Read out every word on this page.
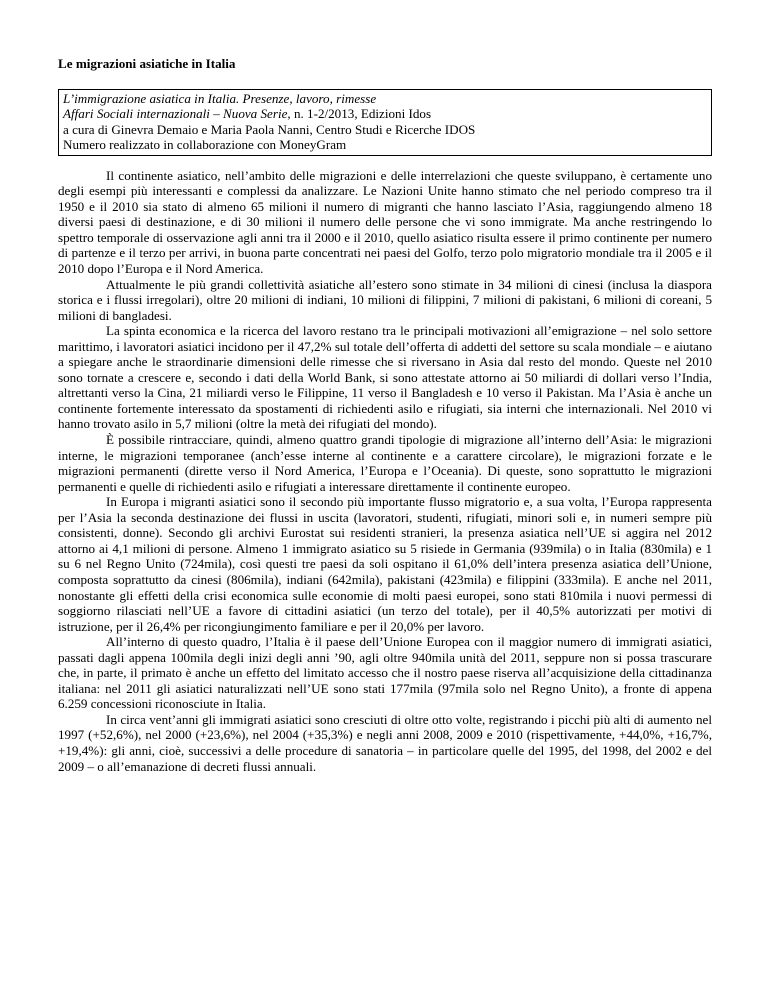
Le migrazioni asiatiche in Italia
L’immigrazione asiatica in Italia. Presenze, lavoro, rimesse
Affari Sociali internazionali – Nuova Serie, n. 1-2/2013, Edizioni Idos
a cura di Ginevra Demaio e Maria Paola Nanni, Centro Studi e Ricerche IDOS
Numero realizzato in collaborazione con MoneyGram

Il continente asiatico, nell’ambito delle migrazioni e delle interrelazioni che queste sviluppano, è certamente uno degli esempi più interessanti e complessi da analizzare. Le Nazioni Unite hanno stimato che nel periodo compreso tra il 1950 e il 2010 sia stato di almeno 65 milioni il numero di migranti che hanno lasciato l’Asia, raggiungendo almeno 18 diversi paesi di destinazione, e di 30 milioni il numero delle persone che vi sono immigrate. Ma anche restringendo lo spettro temporale di osservazione agli anni tra il 2000 e il 2010, quello asiatico risulta essere il primo continente per numero di partenze e il terzo per arrivi, in buona parte concentrati nei paesi del Golfo, terzo polo migratorio mondiale tra il 2005 e il 2010 dopo l’Europa e il Nord America.

Attualmente le più grandi collettività asiatiche all’estero sono stimate in 34 milioni di cinesi (inclusa la diaspora storica e i flussi irregolari), oltre 20 milioni di indiani, 10 milioni di filippini, 7 milioni di pakistani, 6 milioni di coreani, 5 milioni di bangladesi.

La spinta economica e la ricerca del lavoro restano tra le principali motivazioni all’emigrazione – nel solo settore marittimo, i lavoratori asiatici incidono per il 47,2% sul totale dell’offerta di addetti del settore su scala mondiale – e aiutano a spiegare anche le straordinarie dimensioni delle rimesse che si riversano in Asia dal resto del mondo. Queste nel 2010 sono tornate a crescere e, secondo i dati della World Bank, si sono attestate attorno ai 50 miliardi di dollari verso l’India, altrettanti verso la Cina, 21 miliardi verso le Filippine, 11 verso il Bangladesh e 10 verso il Pakistan. Ma l’Asia è anche un continente fortemente interessato da spostamenti di richiedenti asilo e rifugiati, sia interni che internazionali. Nel 2010 vi hanno trovato asilo in 5,7 milioni (oltre la metà dei rifugiati del mondo).

È possibile rintracciare, quindi, almeno quattro grandi tipologie di migrazione all’interno dell’Asia: le migrazioni interne, le migrazioni temporanee (anch’esse interne al continente e a carattere circolare), le migrazioni forzate e le migrazioni permanenti (dirette verso il Nord America, l’Europa e l’Oceania). Di queste, sono soprattutto le migrazioni permanenti e quelle di richiedenti asilo e rifugiati a interessare direttamente il continente europeo.

In Europa i migranti asiatici sono il secondo più importante flusso migratorio e, a sua volta, l’Europa rappresenta per l’Asia la seconda destinazione dei flussi in uscita (lavoratori, studenti, rifugiati, minori soli e, in numeri sempre più consistenti, donne). Secondo gli archivi Eurostat sui residenti stranieri, la presenza asiatica nell’UE si aggira nel 2012 attorno ai 4,1 milioni di persone. Almeno 1 immigrato asiatico su 5 risiede in Germania (939mila) o in Italia (830mila) e 1 su 6 nel Regno Unito (724mila), così questi tre paesi da soli ospitano il 61,0% dell’intera presenza asiatica dell’Unione, composta soprattutto da cinesi (806mila), indiani (642mila), pakistani (423mila) e filippini (333mila). E anche nel 2011, nonostante gli effetti della crisi economica sulle economie di molti paesi europei, sono stati 810mila i nuovi permessi di soggiorno rilasciati nell’UE a favore di cittadini asiatici (un terzo del totale), per il 40,5% autorizzati per motivi di istruzione, per il 26,4% per ricongiungimento familiare e per il 20,0% per lavoro.

All’interno di questo quadro, l’Italia è il paese dell’Unione Europea con il maggior numero di immigrati asiatici, passati dagli appena 100mila degli inizi degli anni ’90, agli oltre 940mila unità del 2011, seppure non si possa trascurare che, in parte, il primato è anche un effetto del limitato accesso che il nostro paese riserva all’acquisizione della cittadinanza italiana: nel 2011 gli asiatici naturalizzati nell’UE sono stati 177mila (97mila solo nel Regno Unito), a fronte di appena 6.259 concessioni riconosciute in Italia.

In circa vent’anni gli immigrati asiatici sono cresciuti di oltre otto volte, registrando i picchi più alti di aumento nel 1997 (+52,6%), nel 2000 (+23,6%), nel 2004 (+35,3%) e negli anni 2008, 2009 e 2010 (rispettivamente, +44,0%, +16,7%, +19,4%): gli anni, cioè, successivi a delle procedure di sanatoria – in particolare quelle del 1995, del 1998, del 2002 e del 2009 – o all’emanazione di decreti flussi annuali.
